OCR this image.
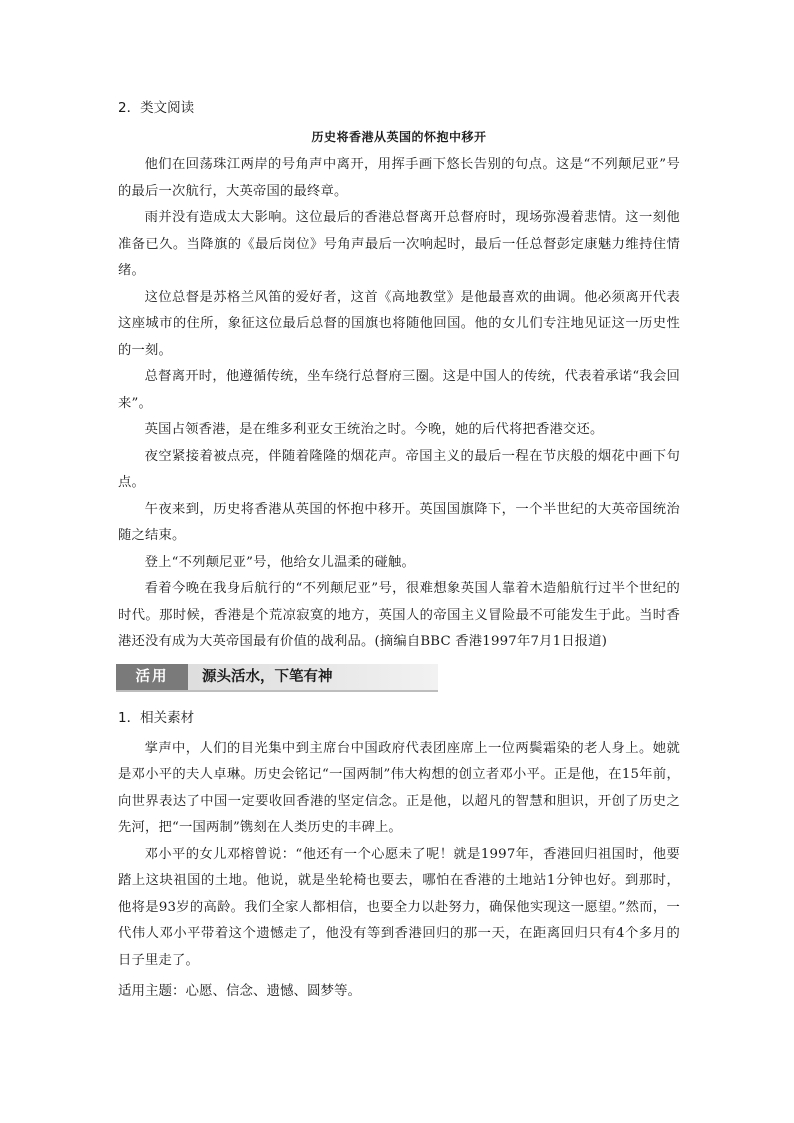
2．类文阅读

历史将香港从英国的怀抱中移开

他们在回荡珠江两岸的号角声中离开，用挥手画下悠长告别的句点。这是“不列颠尼亚”号的最后一次航行，大英帝国的最终章。

雨并没有造成太大影响。这位最后的香港总督离开总督府时，现场弥漫着悲情。这一刻他准备已久。当降旗的《最后岗位》号角声最后一次响起时，最后一任总督彭定康魅力维持住情绪。

这位总督是苏格兰风笛的爱好者，这首《高地教堂》是他最喜欢的曲调。他必须离开代表这座城市的住所，象征这位最后总督的国旗也将随他回国。他的女儿们专注地见证这一历史性的一刻。

总督离开时，他遵循传统，坐车绕行总督府三圈。这是中国人的传统，代表着承诺“我会回来”。

英国占领香港，是在维多利亚女王统治之时。今晚，她的后代将把香港交还。

夜空紧接着被点亮，伴随着隆隆的烟花声。帝国主义的最后一程在节庆般的烟花中画下句点。

午夜来到，历史将香港从英国的怀抱中移开。英国国旗降下，一个半世纪的大英帝国统治随之结束。

登上“不列颠尼亚”号，他给女儿温柔的碰触。

看着今晚在我身后航行的“不列颠尼亚”号，很难想象英国人靠着木造船航行过半个世纪的时代。那时候，香港是个荒凉寂寞的地方，英国人的帝国主义冒险最不可能发生于此。当时香港还没有成为大英帝国最有价值的战利品。(摘编自BBC 香港1997年7月1日报道)

活用	源头活水，下笔有神

1．相关素材

掌声中，人们的目光集中到主席台中国政府代表团座席上一位两鬓霜染的老人身上。她就是邓小平的夫人卓琳。历史会铭记“一国两制”伟大构想的创立者邓小平。正是他，在15年前，向世界表达了中国一定要收回香港的坚定信念。正是他，以超凡的智慧和胆识，开创了历史之先河，把“一国两制”镌刻在人类历史的丰碑上。

邓小平的女儿邓榕曾说：“他还有一个心愿未了呢！就是1997年，香港回归祖国时，他要踏上这块祖国的土地。他说，就是坐轮椅也要去，哪怕在香港的土地站1分钟也好。到那时，他将是93岁的高龄。我们全家人都相信，也要全力以赴努力，确保他实现这一愿望。”然而，一代伟人邓小平带着这个遗憾走了，他没有等到香港回归的那一天，在距离回归只有4个多月的日子里走了。

适用主题：心愿、信念、遗憾、圆梦等。
